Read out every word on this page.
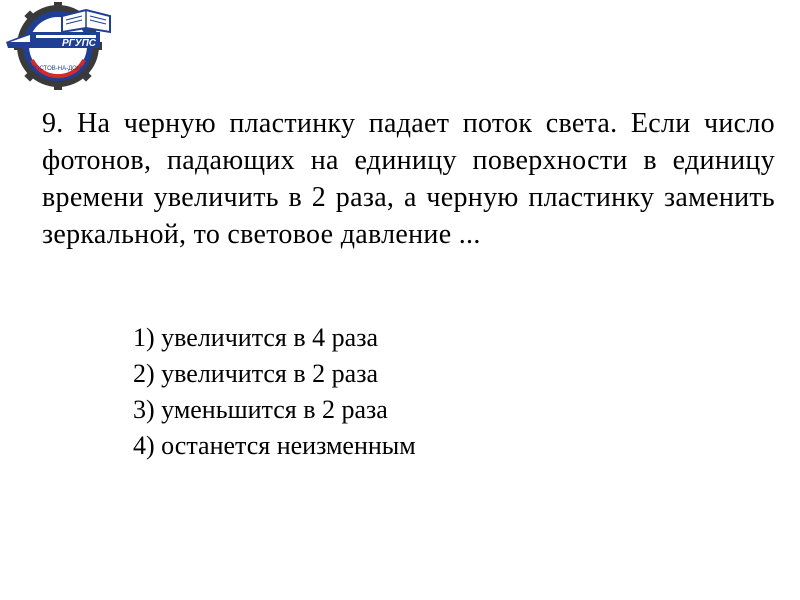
РГУПС
РОСТОВ-НА-ДОНУ

9. На черную пластинку падает поток света. Если число фотонов, падающих на единицу поверхности в единицу времени увеличить в 2 раза, а черную пластинку заменить зеркальной, то световое давление ...

1) увеличится в 4 раза
2) увеличится в 2 раза
3) уменьшится в 2 раза
4) останется неизменным
